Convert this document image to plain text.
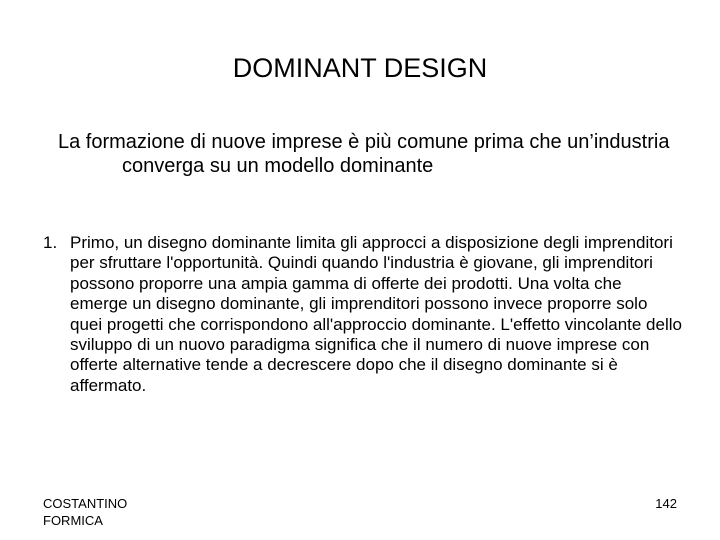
DOMINANT DESIGN
La formazione di nuove imprese è più comune prima che un’industria converga su un modello dominante
1. Primo, un disegno dominante limita gli approcci a disposizione degli imprenditori per sfruttare l'opportunità. Quindi quando l'industria è giovane, gli imprenditori possono proporre una ampia gamma di offerte dei prodotti. Una volta che emerge un disegno dominante, gli imprenditori possono invece proporre solo quei progetti che corrispondono all'approccio dominante. L'effetto vincolante dello sviluppo di un nuovo paradigma significa che il numero di nuove imprese con offerte alternative tende a decrescere dopo che il disegno dominante si è affermato.
COSTANTINO FORMICA
142
